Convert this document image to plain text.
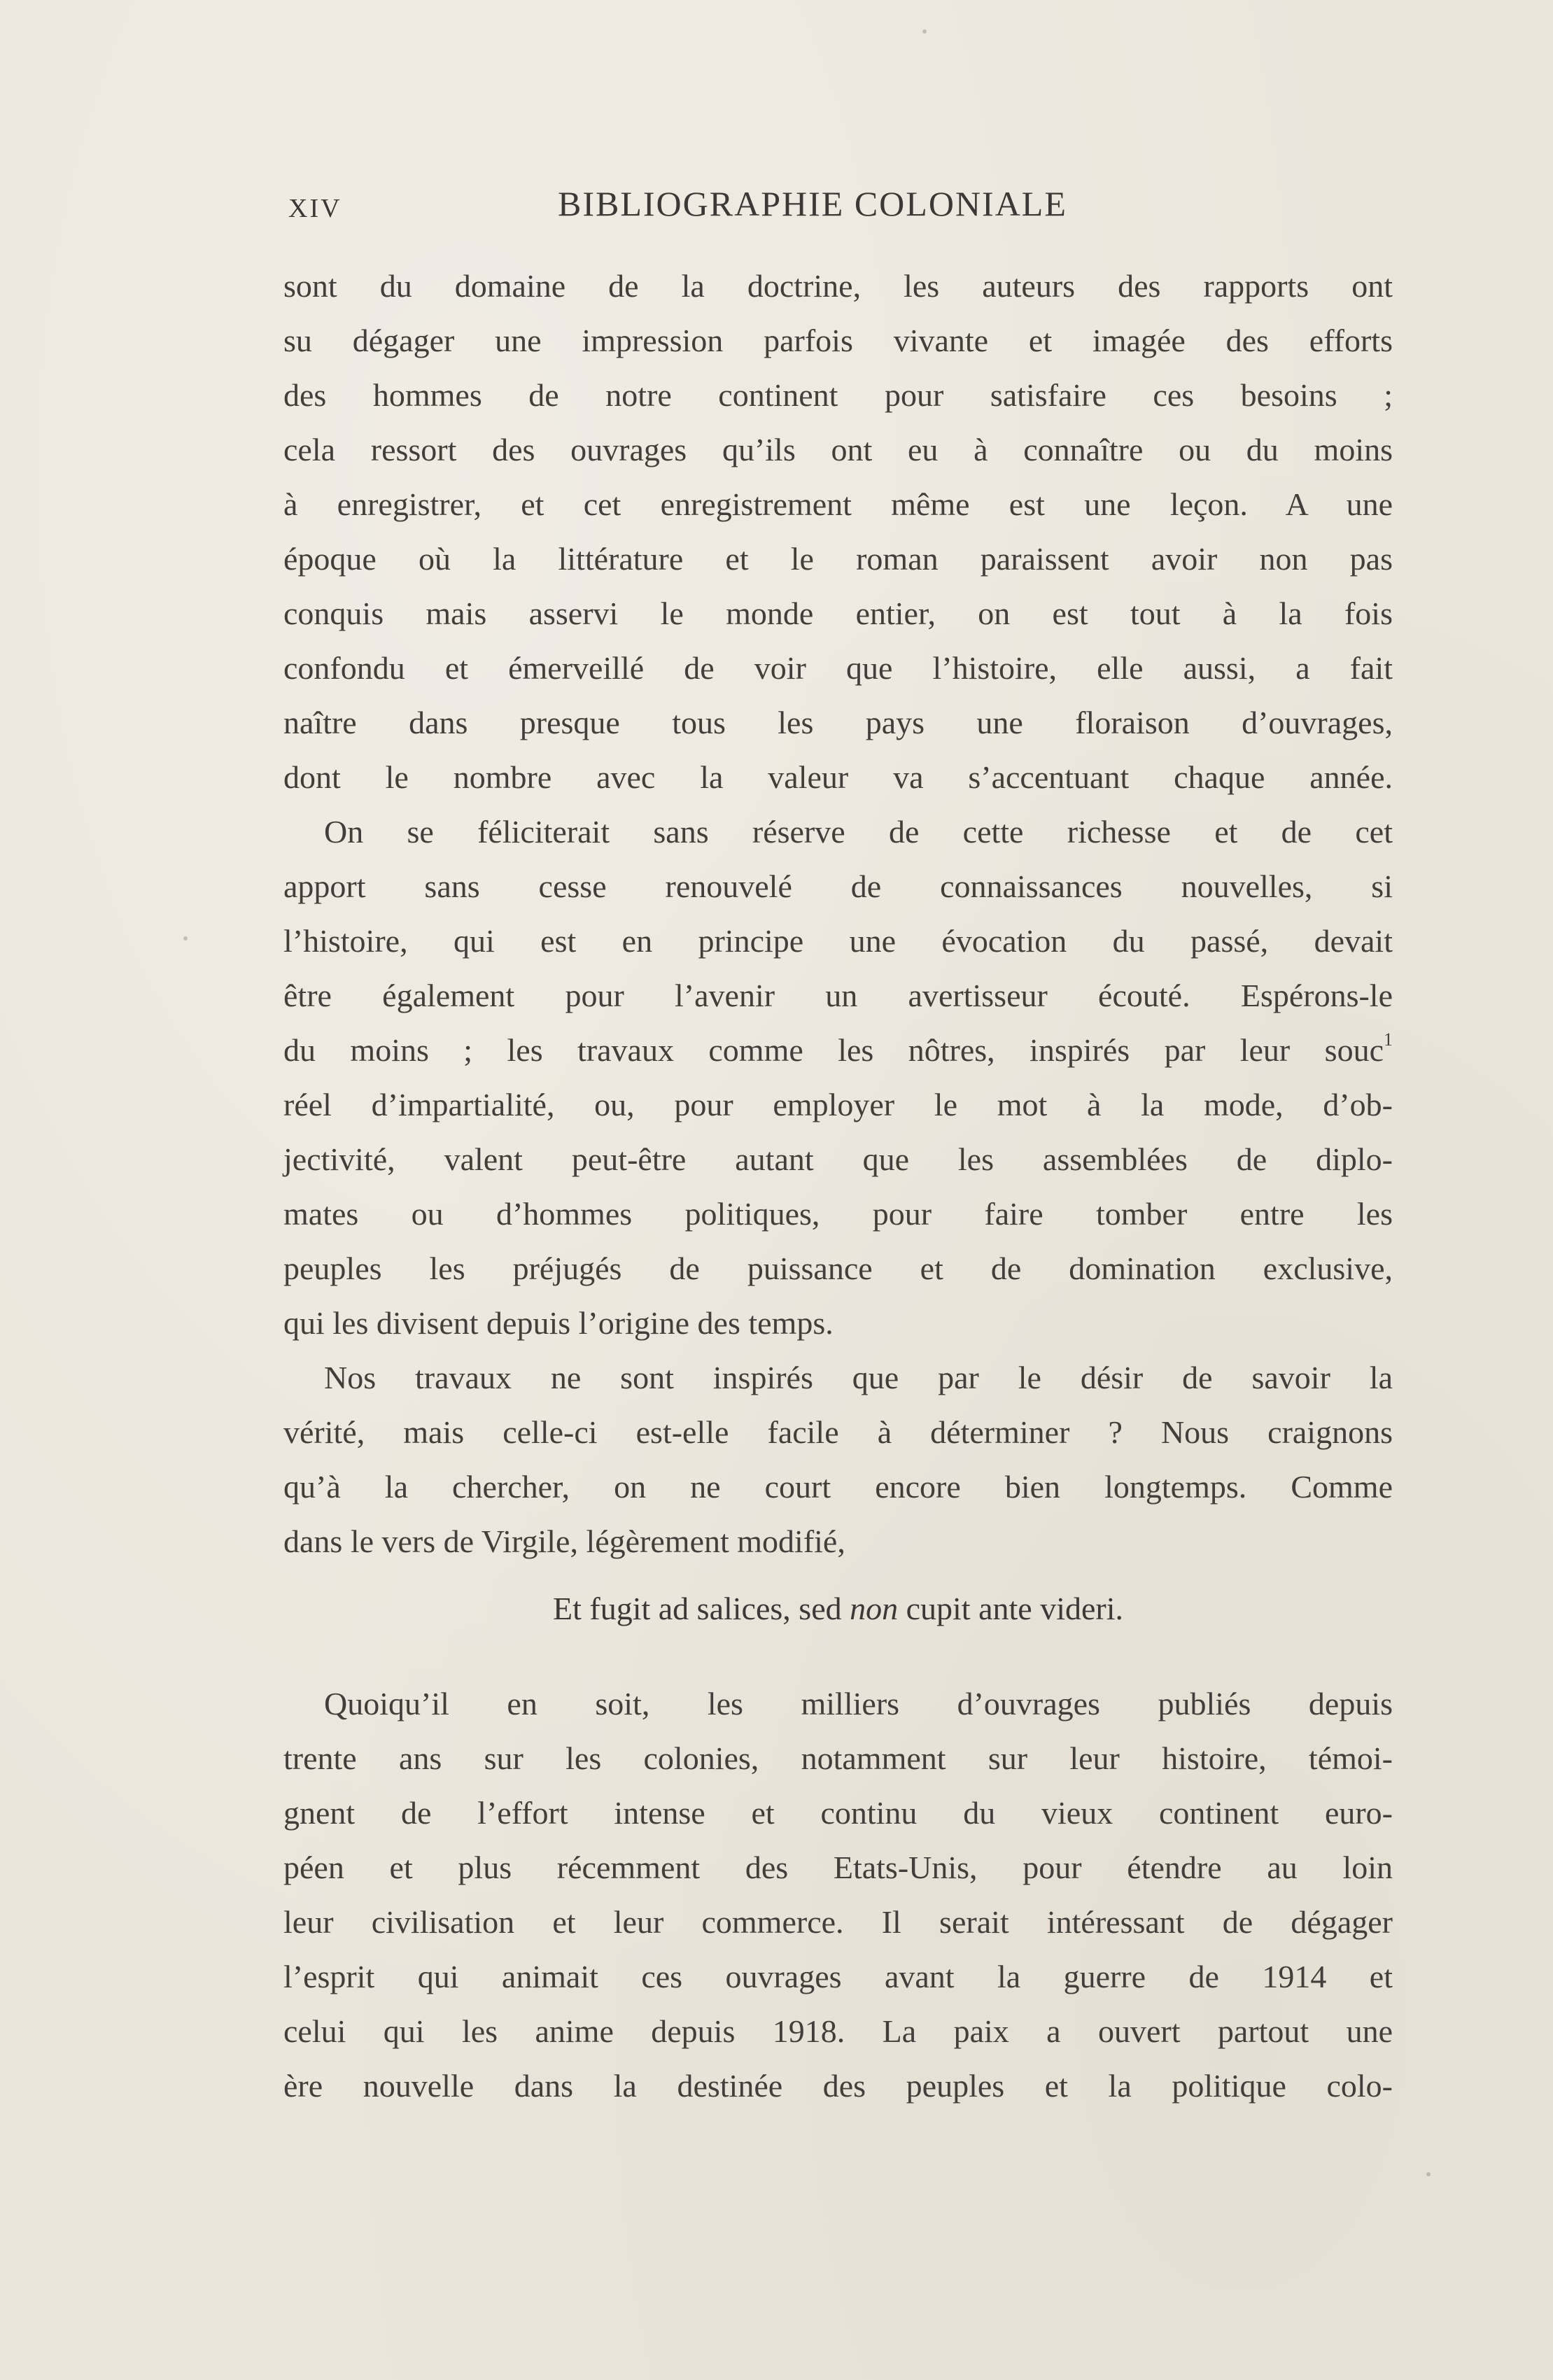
XIV	BIBLIOGRAPHIE COLONIALE
sont du domaine de la doctrine, les auteurs des rapports ont
su dégager une impression parfois vivante et imagée des efforts
des hommes de notre continent pour satisfaire ces besoins ;
cela ressort des ouvrages qu’ils ont eu à connaître ou du moins
à enregistrer, et cet enregistrement même est une leçon. A une
époque où la littérature et le roman paraissent avoir non pas
conquis mais asservi le monde entier, on est tout à la fois
confondu et émerveillé de voir que l’histoire, elle aussi, a fait
naître dans presque tous les pays une floraison d’ouvrages,
dont le nombre avec la valeur va s’accentuant chaque année.
On se féliciterait sans réserve de cette richesse et de cet
apport sans cesse renouvelé de connaissances nouvelles, si
l’histoire, qui est en principe une évocation du passé, devait
être également pour l’avenir un avertisseur écouté. Espérons-le
du moins ; les travaux comme les nôtres, inspirés par leur souc$^1$
réel d’impartialité, ou, pour employer le mot à la mode, d’ob-
jectivité, valent peut-être autant que les assemblées de diplo-
mates ou d’hommes politiques, pour faire tomber entre les
peuples les préjugés de puissance et de domination exclusive,
qui les divisent depuis l’origine des temps.
Nos travaux ne sont inspirés que par le désir de savoir la
vérité, mais celle-ci est-elle facile à déterminer ? Nous craignons
qu’à la chercher, on ne court encore bien longtemps. Comme
dans le vers de Virgile, légèrement modifié,
Et fugit ad salices, sed non cupit ante videri.
Quoiqu’il en soit, les milliers d’ouvrages publiés depuis
trente ans sur les colonies, notamment sur leur histoire, témoi-
gnent de l’effort intense et continu du vieux continent euro-
péen et plus récemment des Etats-Unis, pour étendre au loin
leur civilisation et leur commerce. Il serait intéressant de dégager
l’esprit qui animait ces ouvrages avant la guerre de 1914 et
celui qui les anime depuis 1918. La paix a ouvert partout une
ère nouvelle dans la destinée des peuples et la politique colo-
